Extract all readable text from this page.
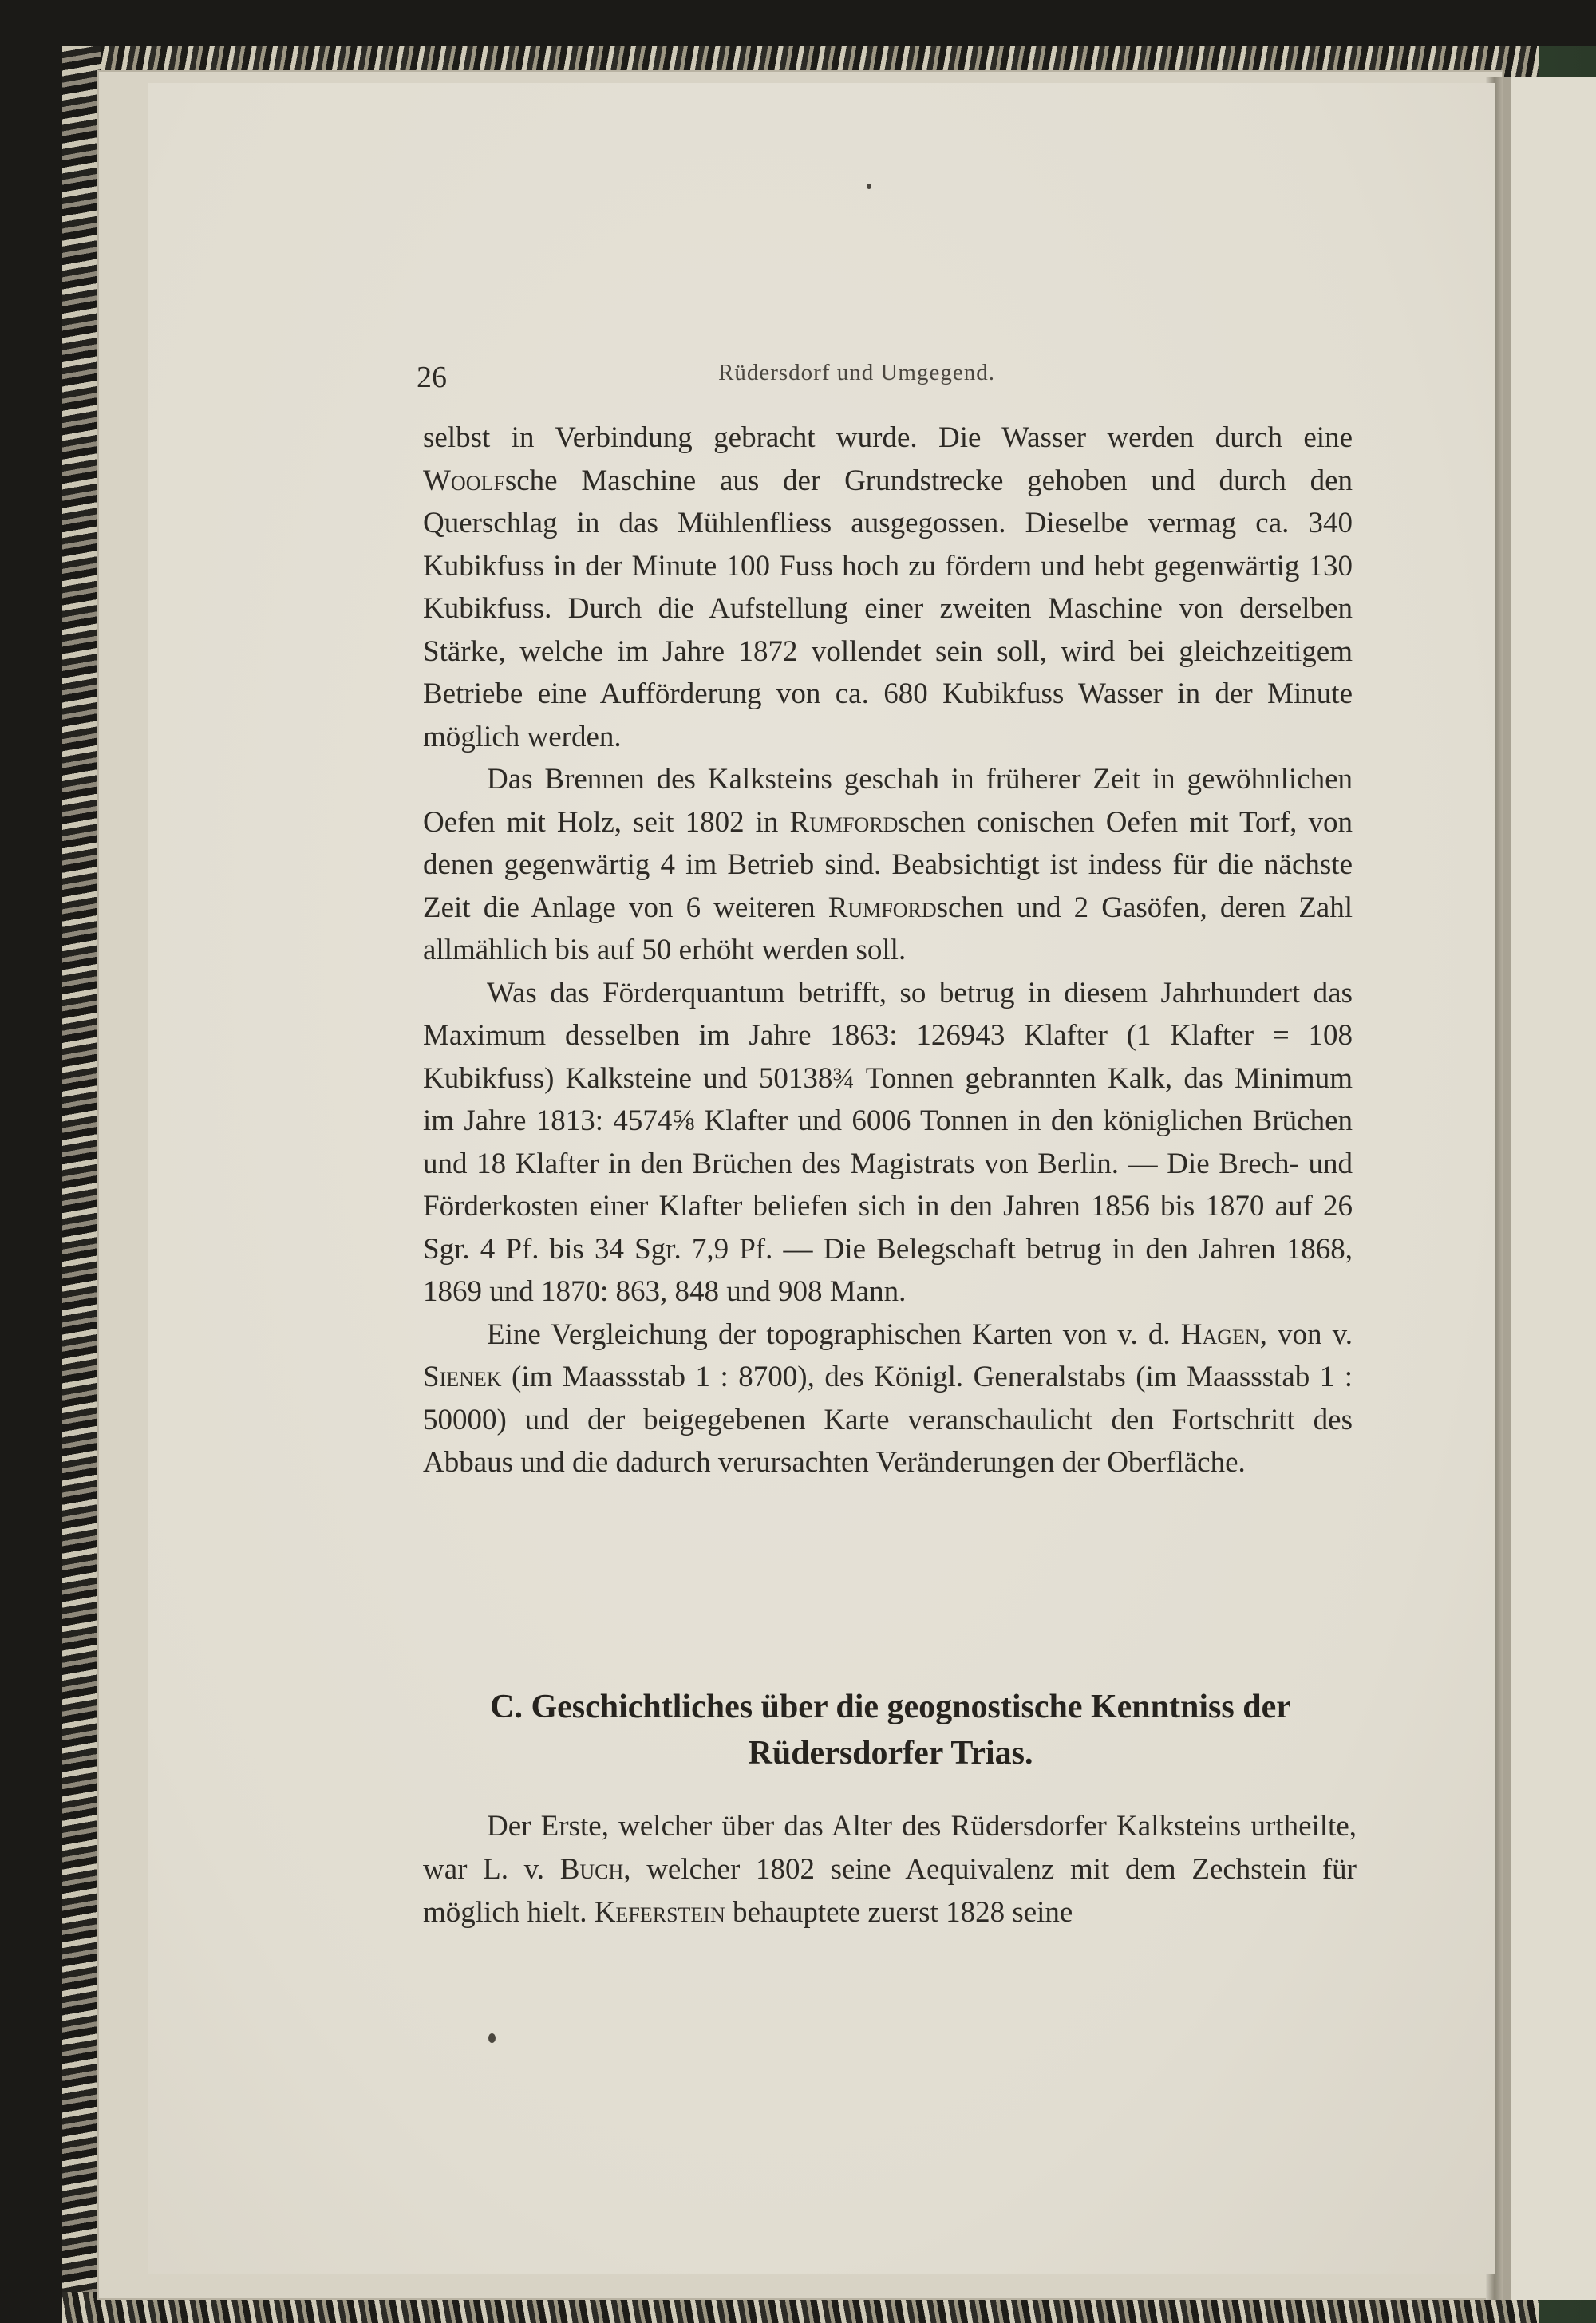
26	Rüdersdorf und Umgegend.

selbst in Verbindung gebracht wurde. Die Wasser werden durch eine Woolfsche Maschine aus der Grundstrecke gehoben und durch den Querschlag in das Mühlenfliess ausgegossen. Dieselbe vermag ca. 340 Kubikfuss in der Minute 100 Fuss hoch zu fördern und hebt gegenwärtig 130 Kubikfuss. Durch die Aufstellung einer zweiten Maschine von derselben Stärke, welche im Jahre 1872 vollendet sein soll, wird bei gleichzeitigem Betriebe eine Aufförderung von ca. 680 Kubikfuss Wasser in der Minute möglich werden.

Das Brennen des Kalksteins geschah in früherer Zeit in gewöhnlichen Oefen mit Holz, seit 1802 in Rumfordschen conischen Oefen mit Torf, von denen gegenwärtig 4 im Betrieb sind. Beabsichtigt ist indess für die nächste Zeit die Anlage von 6 weiteren Rumfordschen und 2 Gasöfen, deren Zahl allmählich bis auf 50 erhöht werden soll.

Was das Förderquantum betrifft, so betrug in diesem Jahrhundert das Maximum desselben im Jahre 1863: 126943 Klafter (1 Klafter = 108 Kubikfuss) Kalksteine und 50138¾ Tonnen gebrannten Kalk, das Minimum im Jahre 1813: 4574⅝ Klafter und 6006 Tonnen in den königlichen Brüchen und 18 Klafter in den Brüchen des Magistrats von Berlin. — Die Brech- und Förderkosten einer Klafter beliefen sich in den Jahren 1856 bis 1870 auf 26 Sgr. 4 Pf. bis 34 Sgr. 7,9 Pf. — Die Belegschaft betrug in den Jahren 1868, 1869 und 1870: 863, 848 und 908 Mann.

Eine Vergleichung der topographischen Karten von v. d. Hagen, von v. Sienek (im Maassstab 1 : 8700), des Königl. Generalstabs (im Maassstab 1 : 50000) und der beigegebenen Karte veranschaulicht den Fortschritt des Abbaus und die dadurch verursachten Veränderungen der Oberfläche.

C. Geschichtliches über die geognostische Kenntniss der
Rüdersdorfer Trias.

Der Erste, welcher über das Alter des Rüdersdorfer Kalksteins urtheilte, war L. v. Buch, welcher 1802 seine Aequivalenz mit dem Zechstein für möglich hielt. Keferstein behauptete zuerst 1828 seine
